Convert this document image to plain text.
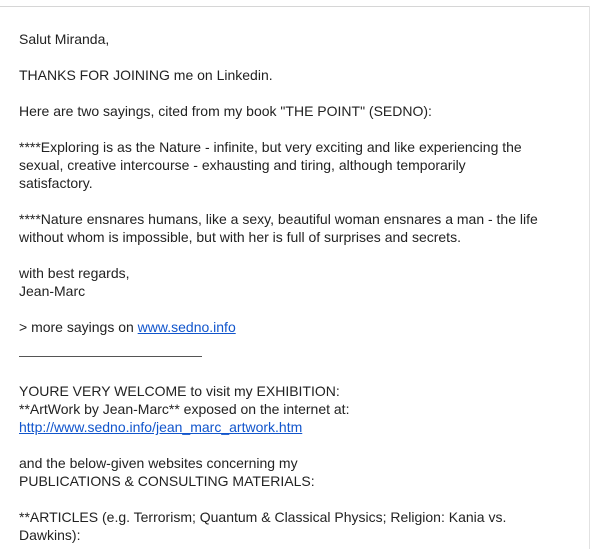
Salut Miranda,

THANKS FOR JOINING me on Linkedin.

Here are two sayings, cited from my book "THE POINT" (SEDNO):

****Exploring is as the Nature - infinite, but very exciting and like experiencing the
sexual, creative intercourse - exhausting and tiring, although temporarily
satisfactory.

****Nature ensnares humans, like a sexy, beautiful woman ensnares a man - the life
without whom is impossible, but with her is full of surprises and secrets.

with best regards,
Jean-Marc

> more sayings on www.sedno.info

YOURE VERY WELCOME to visit my EXHIBITION:
**ArtWork by Jean-Marc** exposed on the internet at:
http://www.sedno.info/jean_marc_artwork.htm

and the below-given websites concerning my
PUBLICATIONS & CONSULTING MATERIALS:

**ARTICLES (e.g. Terrorism; Quantum & Classical Physics; Religion: Kania vs.
Dawkins):
